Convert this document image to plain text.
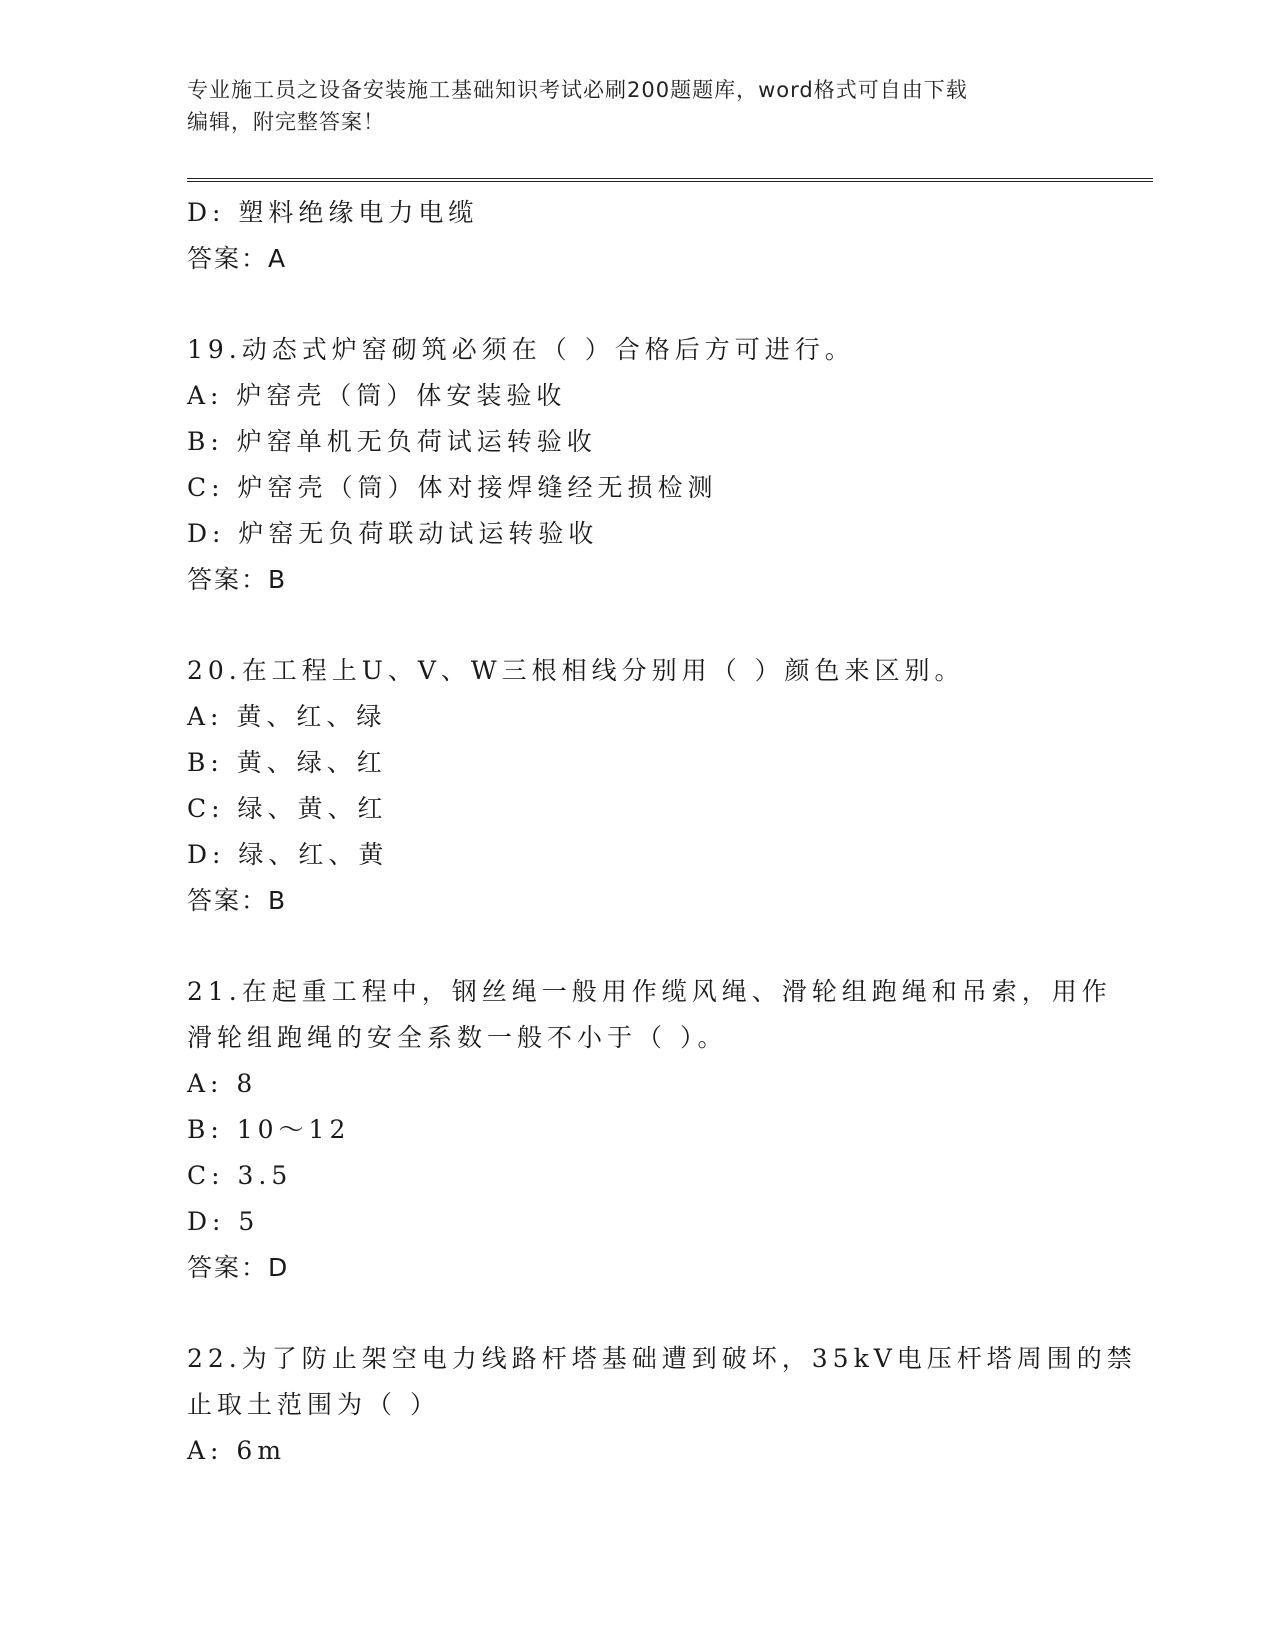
专业施工员之设备安装施工基础知识考试必刷200题题库，word格式可自由下载
编辑，附完整答案！
D: 塑料绝缘电力电缆
答案：A
19.动态式炉窑砌筑必须在（ ）合格后方可进行。
A: 炉窑壳（筒）体安装验收
B: 炉窑单机无负荷试运转验收
C: 炉窑壳（筒）体对接焊缝经无损检测
D: 炉窑无负荷联动试运转验收
答案：B
20.在工程上U、V、W三根相线分别用（ ）颜色来区别。
A: 黄、红、绿
B: 黄、绿、红
C: 绿、黄、红
D: 绿、红、黄
答案：B
21.在起重工程中，钢丝绳一般用作缆风绳、滑轮组跑绳和吊索，用作
滑轮组跑绳的安全系数一般不小于（ ）。
A: 8
B: 10～12
C: 3.5
D: 5
答案：D
22.为了防止架空电力线路杆塔基础遭到破坏，35kV电压杆塔周围的禁
止取土范围为（ ）
A: 6m
